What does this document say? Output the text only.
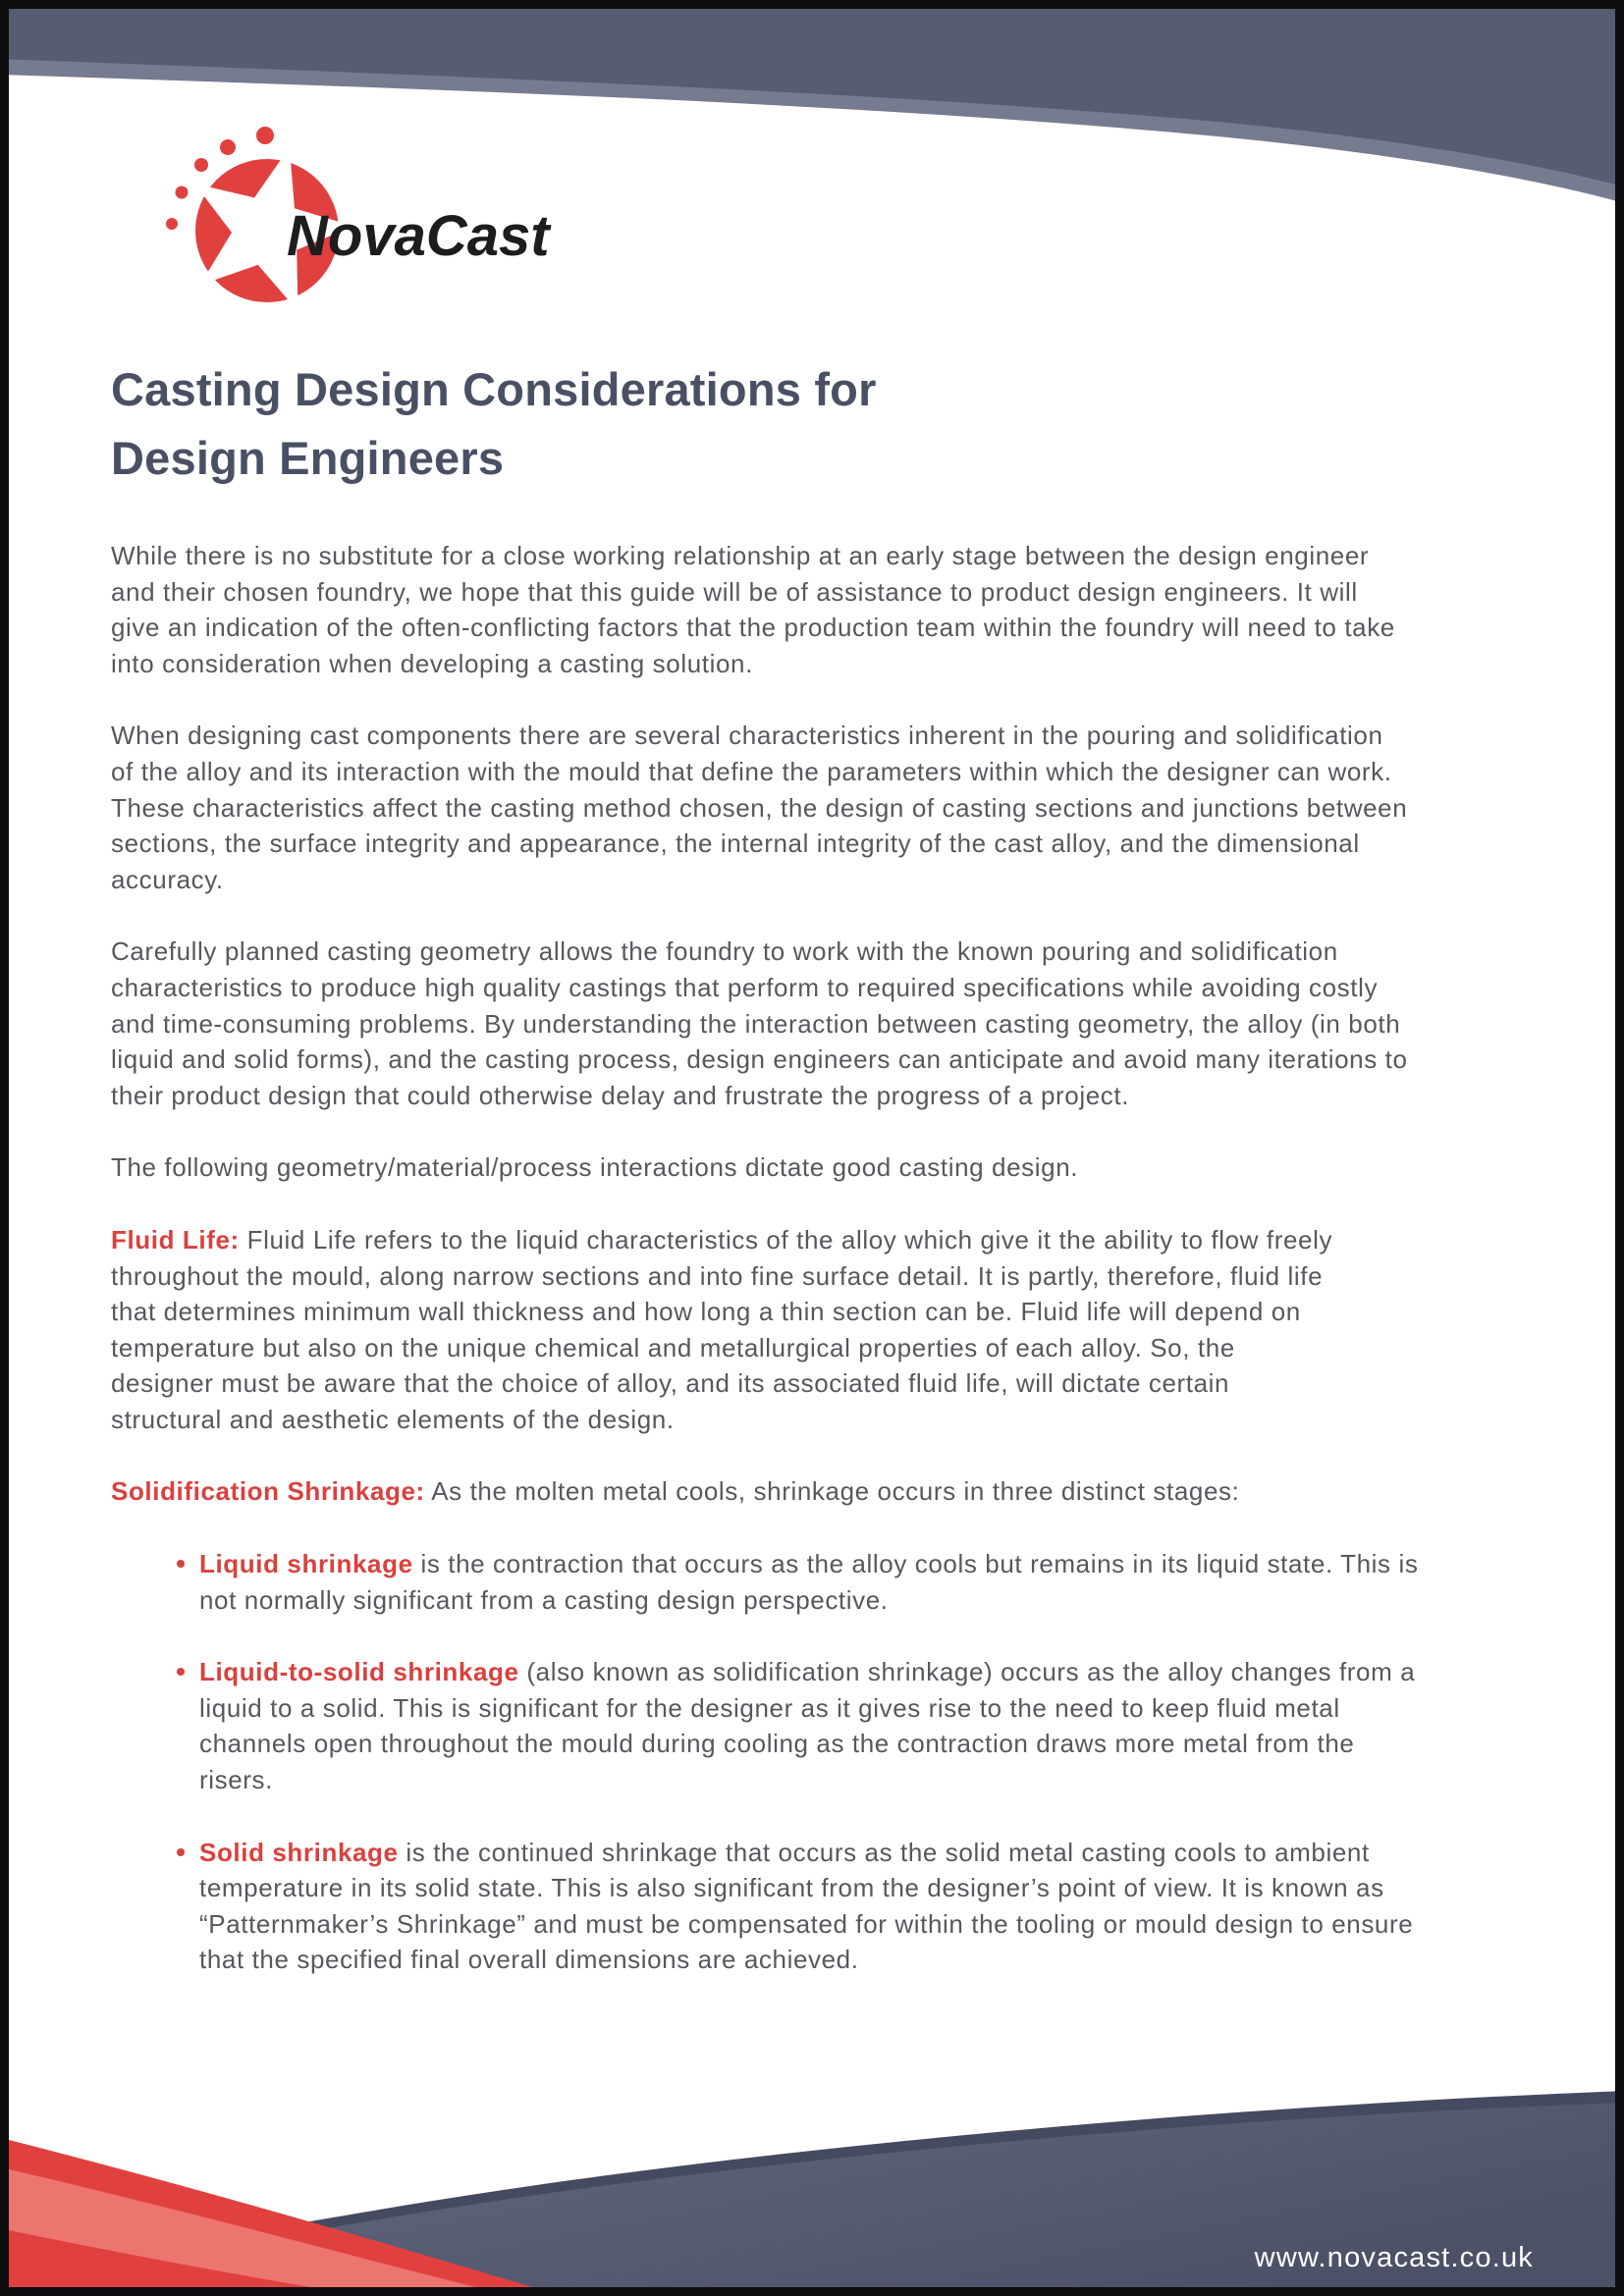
NovaCast
Casting Design Considerations for
Design Engineers

While there is no substitute for a close working relationship at an early stage between the design engineer and their chosen foundry, we hope that this guide will be of assistance to product design engineers. It will give an indication of the often-conflicting factors that the production team within the foundry will need to take into consideration when developing a casting solution.

When designing cast components there are several characteristics inherent in the pouring and solidification of the alloy and its interaction with the mould that define the parameters within which the designer can work. These characteristics affect the casting method chosen, the design of casting sections and junctions between sections, the surface integrity and appearance, the internal integrity of the cast alloy, and the dimensional accuracy.

Carefully planned casting geometry allows the foundry to work with the known pouring and solidification characteristics to produce high quality castings that perform to required specifications while avoiding costly and time-consuming problems. By understanding the interaction between casting geometry, the alloy (in both liquid and solid forms), and the casting process, design engineers can anticipate and avoid many iterations to their product design that could otherwise delay and frustrate the progress of a project.

The following geometry/material/process interactions dictate good casting design.

Fluid Life: Fluid Life refers to the liquid characteristics of the alloy which give it the ability to flow freely throughout the mould, along narrow sections and into fine surface detail. It is partly, therefore, fluid life that determines minimum wall thickness and how long a thin section can be. Fluid life will depend on temperature but also on the unique chemical and metallurgical properties of each alloy. So, the designer must be aware that the choice of alloy, and its associated fluid life, will dictate certain structural and aesthetic elements of the design.

Solidification Shrinkage: As the molten metal cools, shrinkage occurs in three distinct stages:

Liquid shrinkage is the contraction that occurs as the alloy cools but remains in its liquid state. This is not normally significant from a casting design perspective.
Liquid-to-solid shrinkage (also known as solidification shrinkage) occurs as the alloy changes from a liquid to a solid. This is significant for the designer as it gives rise to the need to keep fluid metal channels open throughout the mould during cooling as the contraction draws more metal from the risers.
Solid shrinkage is the continued shrinkage that occurs as the solid metal casting cools to ambient temperature in its solid state. This is also significant from the designer’s point of view. It is known as “Patternmaker’s Shrinkage” and must be compensated for within the tooling or mould design to ensure that the specified final overall dimensions are achieved.
www.novacast.co.uk
